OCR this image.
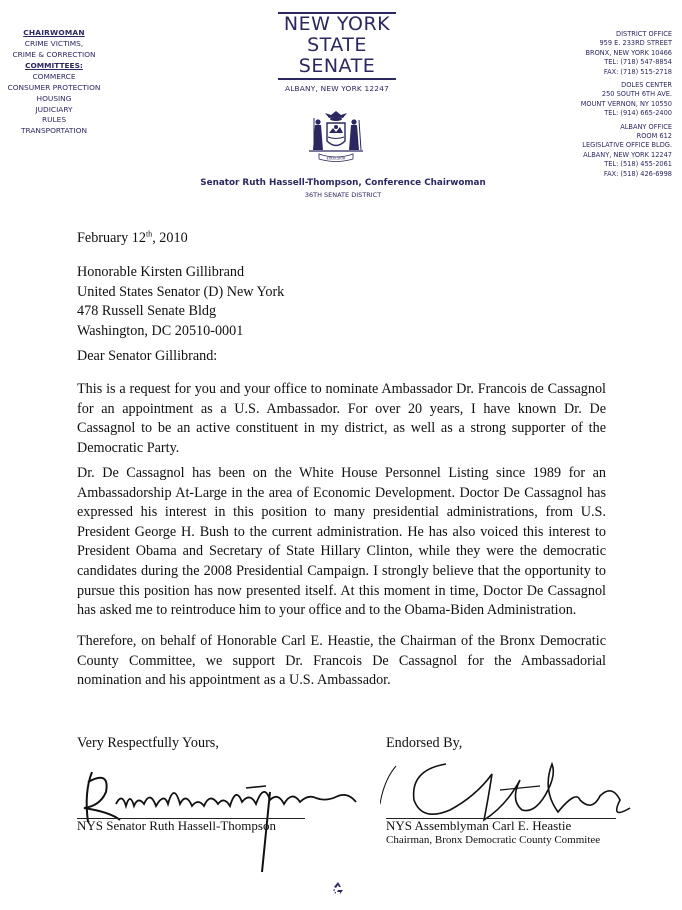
CHAIRWOMAN
CRIME VICTIMS,
CRIME & CORRECTION
COMMITTEES:
COMMERCE
CONSUMER PROTECTION
HOUSING
JUDICIARY
RULES
TRANSPORTATION
NEW YORK
STATE
SENATE
ALBANY, NEW YORK 12247
EXCELSIOR
Senator Ruth Hassell-Thompson, Conference Chairwoman
36TH SENATE DISTRICT
DISTRICT OFFICE
959 E. 233RD STREET
BRONX, NEW YORK 10466
TEL: (718) 547-8854
FAX: (718) 515-2718
DOLES CENTER
250 SOUTH 6TH AVE.
MOUNT VERNON, NY 10550
TEL: (914) 665-2400
ALBANY OFFICE
ROOM 612
LEGISLATIVE OFFICE BLDG.
ALBANY, NEW YORK 12247
TEL: (518) 455-2061
FAX: (518) 426-6998
February 12th, 2010
Honorable Kirsten Gillibrand
United States Senator (D) New York
478 Russell Senate Bldg
Washington, DC 20510-0001
Dear Senator Gillibrand:
This is a request for you and your office to nominate Ambassador Dr. Francois de Cassagnol for an appointment as a U.S. Ambassador. For over 20 years, I have known Dr. De Cassagnol to be an active constituent in my district, as well as a strong supporter of the Democratic Party.
Dr. De Cassagnol has been on the White House Personnel Listing since 1989 for an Ambassadorship At-Large in the area of Economic Development. Doctor De Cassagnol has expressed his interest in this position to many presidential administrations, from U.S. President George H. Bush to the current administration. He has also voiced this interest to President Obama and Secretary of State Hillary Clinton, while they were the democratic candidates during the 2008 Presidential Campaign. I strongly believe that the opportunity to pursue this position has now presented itself. At this moment in time, Doctor De Cassagnol has asked me to reintroduce him to your office and to the Obama-Biden Administration.
Therefore, on behalf of Honorable Carl E. Heastie, the Chairman of the Bronx Democratic County Committee, we support Dr. Francois De Cassagnol for the Ambassadorial nomination and his appointment as a U.S. Ambassador.
Very Respectfully Yours,	Endorsed By,
NYS Senator Ruth Hassell-Thompson	NYS Assemblyman Carl E. Heastie
Chairman, Bronx Democratic County Commitee
